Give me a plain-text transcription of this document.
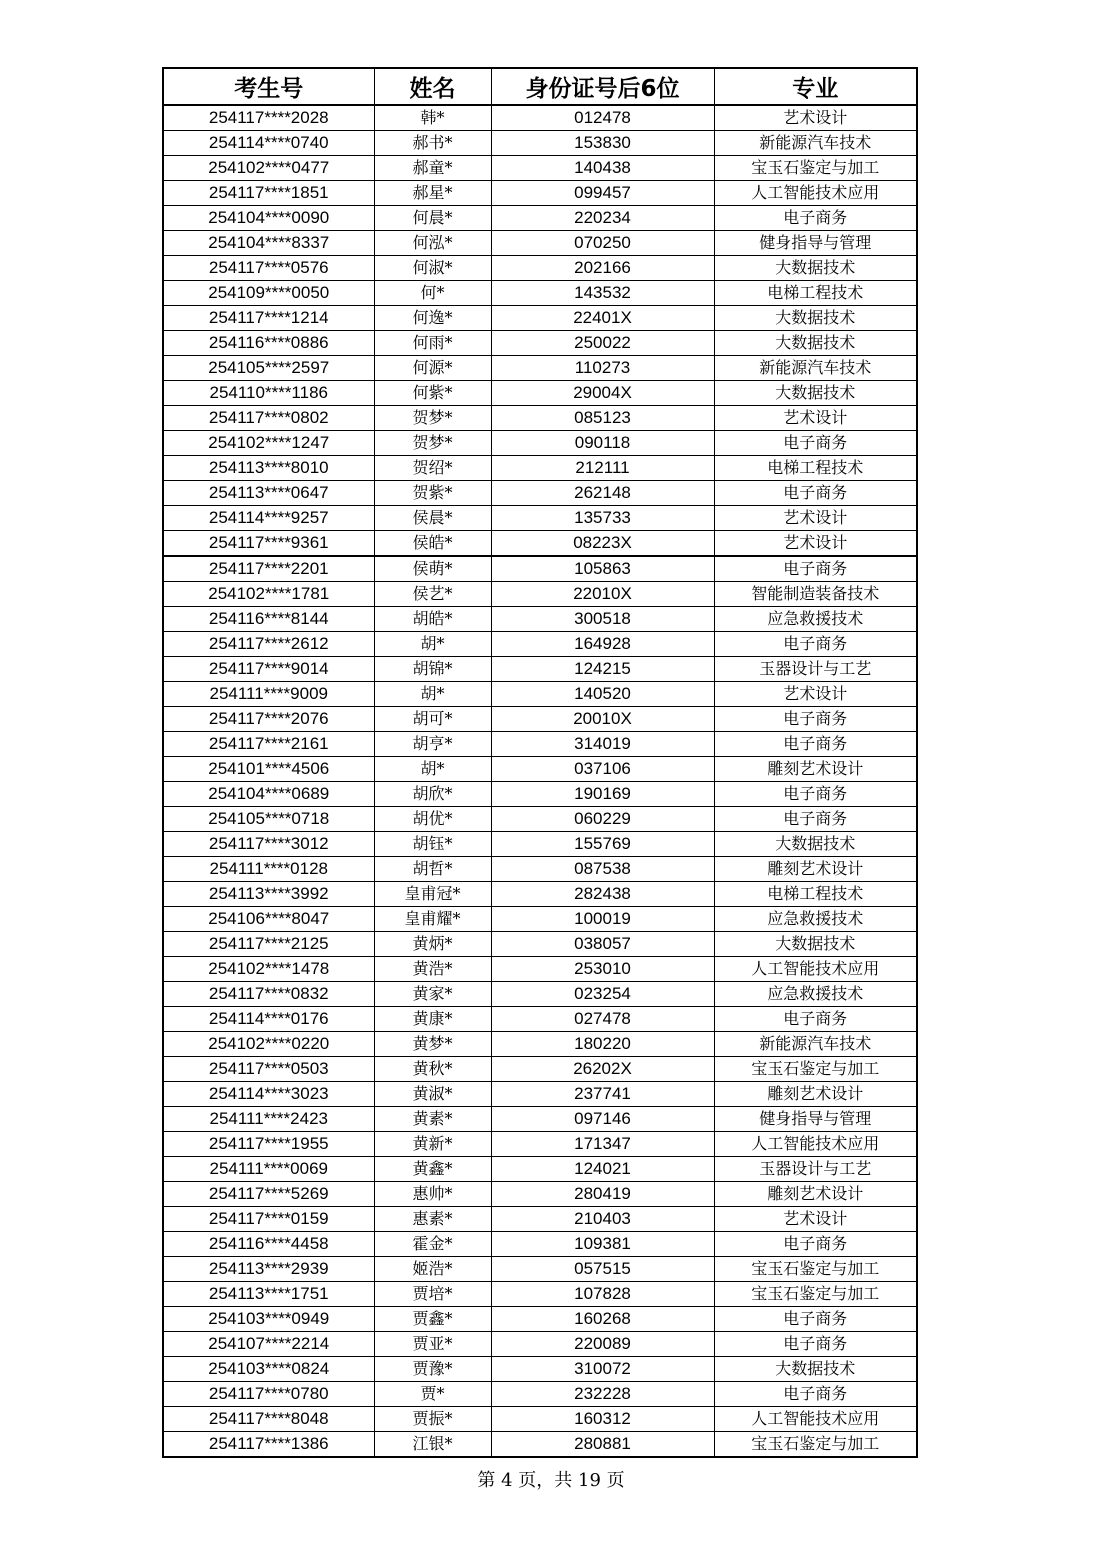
考生号	姓名	身份证号后6位	专业
254117****2028	韩*	012478	艺术设计
254114****0740	郝书*	153830	新能源汽车技术
254102****0477	郝童*	140438	宝玉石鉴定与加工
254117****1851	郝星*	099457	人工智能技术应用
254104****0090	何晨*	220234	电子商务
254104****8337	何泓*	070250	健身指导与管理
254117****0576	何淑*	202166	大数据技术
254109****0050	何*	143532	电梯工程技术
254117****1214	何逸*	22401X	大数据技术
254116****0886	何雨*	250022	大数据技术
254105****2597	何源*	110273	新能源汽车技术
254110****1186	何紫*	29004X	大数据技术
254117****0802	贺梦*	085123	艺术设计
254102****1247	贺梦*	090118	电子商务
254113****8010	贺绍*	212111	电梯工程技术
254113****0647	贺紫*	262148	电子商务
254114****9257	侯晨*	135733	艺术设计
254117****9361	侯皓*	08223X	艺术设计
254117****2201	侯萌*	105863	电子商务
254102****1781	侯艺*	22010X	智能制造装备技术
254116****8144	胡皓*	300518	应急救援技术
254117****2612	胡*	164928	电子商务
254117****9014	胡锦*	124215	玉器设计与工艺
254111****9009	胡*	140520	艺术设计
254117****2076	胡可*	20010X	电子商务
254117****2161	胡亨*	314019	电子商务
254101****4506	胡*	037106	雕刻艺术设计
254104****0689	胡欣*	190169	电子商务
254105****0718	胡优*	060229	电子商务
254117****3012	胡钰*	155769	大数据技术
254111****0128	胡哲*	087538	雕刻艺术设计
254113****3992	皇甫冠*	282438	电梯工程技术
254106****8047	皇甫耀*	100019	应急救援技术
254117****2125	黄炳*	038057	大数据技术
254102****1478	黄浩*	253010	人工智能技术应用
254117****0832	黄家*	023254	应急救援技术
254114****0176	黄康*	027478	电子商务
254102****0220	黄梦*	180220	新能源汽车技术
254117****0503	黄秋*	26202X	宝玉石鉴定与加工
254114****3023	黄淑*	237741	雕刻艺术设计
254111****2423	黄素*	097146	健身指导与管理
254117****1955	黄新*	171347	人工智能技术应用
254111****0069	黄鑫*	124021	玉器设计与工艺
254117****5269	惠帅*	280419	雕刻艺术设计
254117****0159	惠素*	210403	艺术设计
254116****4458	霍金*	109381	电子商务
254113****2939	姬浩*	057515	宝玉石鉴定与加工
254113****1751	贾培*	107828	宝玉石鉴定与加工
254103****0949	贾鑫*	160268	电子商务
254107****2214	贾亚*	220089	电子商务
254103****0824	贾豫*	310072	大数据技术
254117****0780	贾*	232228	电子商务
254117****8048	贾振*	160312	人工智能技术应用
254117****1386	江银*	280881	宝玉石鉴定与加工
第 4 页，共 19 页
